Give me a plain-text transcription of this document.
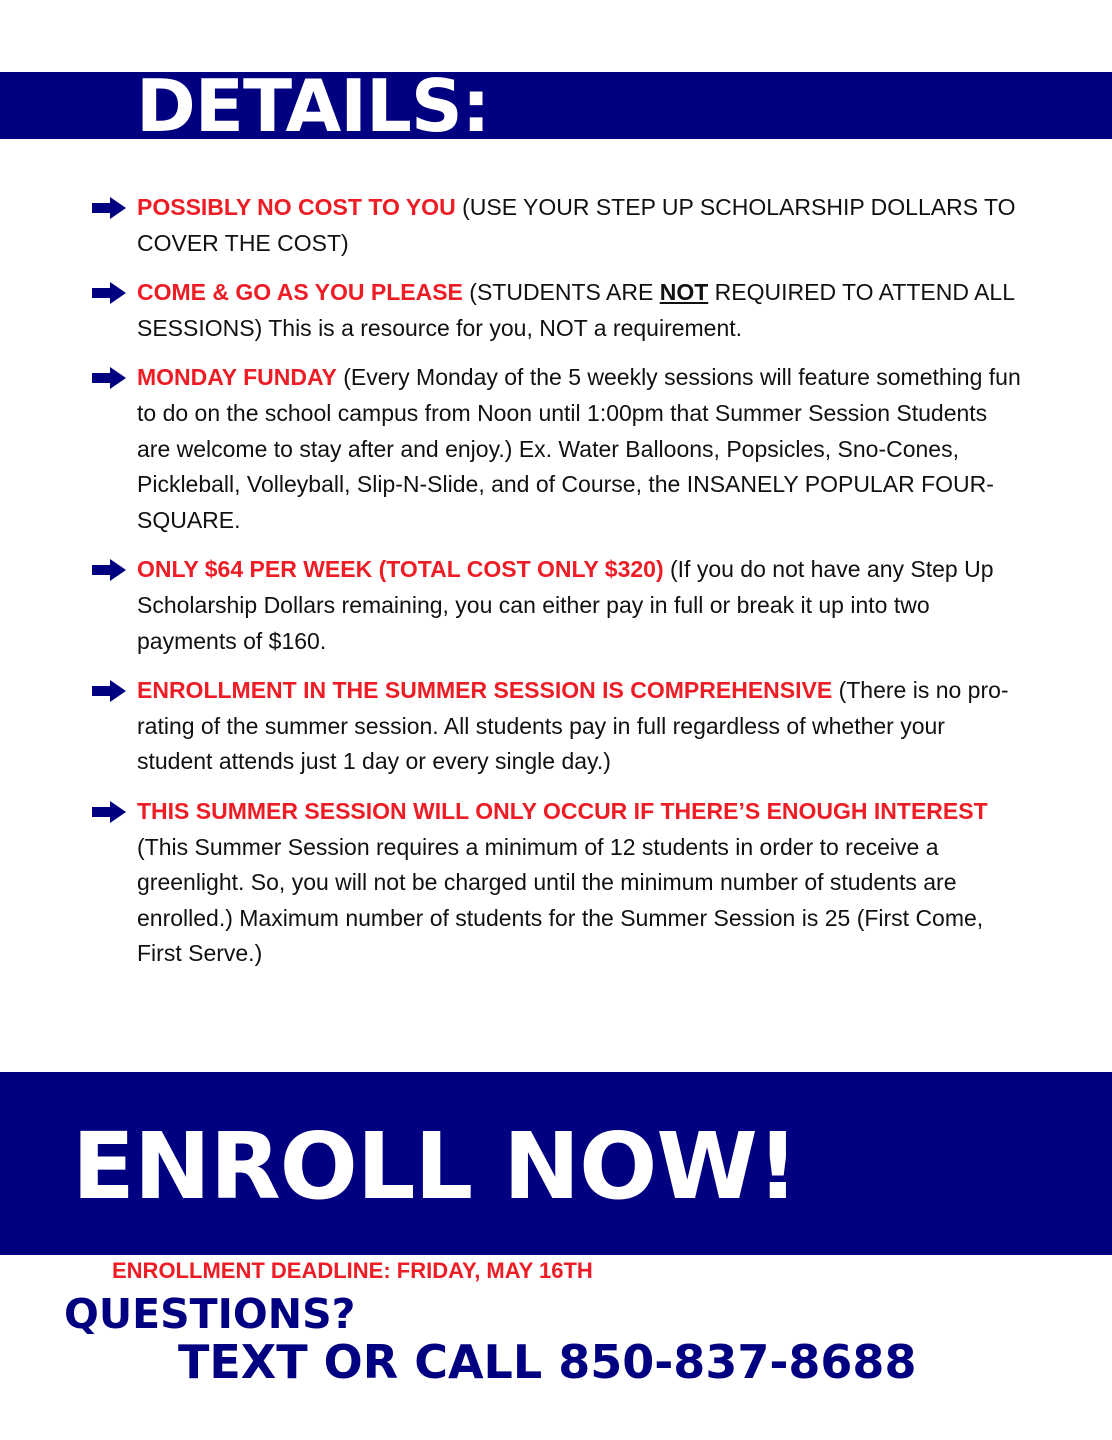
DETAILS:
POSSIBLY NO COST TO YOU (USE YOUR STEP UP SCHOLARSHIP DOLLARS TO COVER THE COST)
COME & GO AS YOU PLEASE (STUDENTS ARE NOT REQUIRED TO ATTEND ALL SESSIONS) This is a resource for you, NOT a requirement.
MONDAY FUNDAY (Every Monday of the 5 weekly sessions will feature something fun to do on the school campus from Noon until 1:00pm that Summer Session Students are welcome to stay after and enjoy.) Ex. Water Balloons, Popsicles, Sno-Cones, Pickleball, Volleyball, Slip-N-Slide, and of Course, the INSANELY POPULAR FOUR-SQUARE.
ONLY $64 PER WEEK (TOTAL COST ONLY $320) (If you do not have any Step Up Scholarship Dollars remaining, you can either pay in full or break it up into two payments of $160.
ENROLLMENT IN THE SUMMER SESSION IS COMPREHENSIVE (There is no pro-rating of the summer session. All students pay in full regardless of whether your student attends just 1 day or every single day.)
THIS SUMMER SESSION WILL ONLY OCCUR IF THERE’S ENOUGH INTEREST (This Summer Session requires a minimum of 12 students in order to receive a greenlight. So, you will not be charged until the minimum number of students are enrolled.) Maximum number of students for the Summer Session is 25 (First Come, First Serve.)
ENROLL NOW!
ENROLLMENT DEADLINE: FRIDAY, MAY 16TH
QUESTIONS?
TEXT OR CALL 850-837-8688
